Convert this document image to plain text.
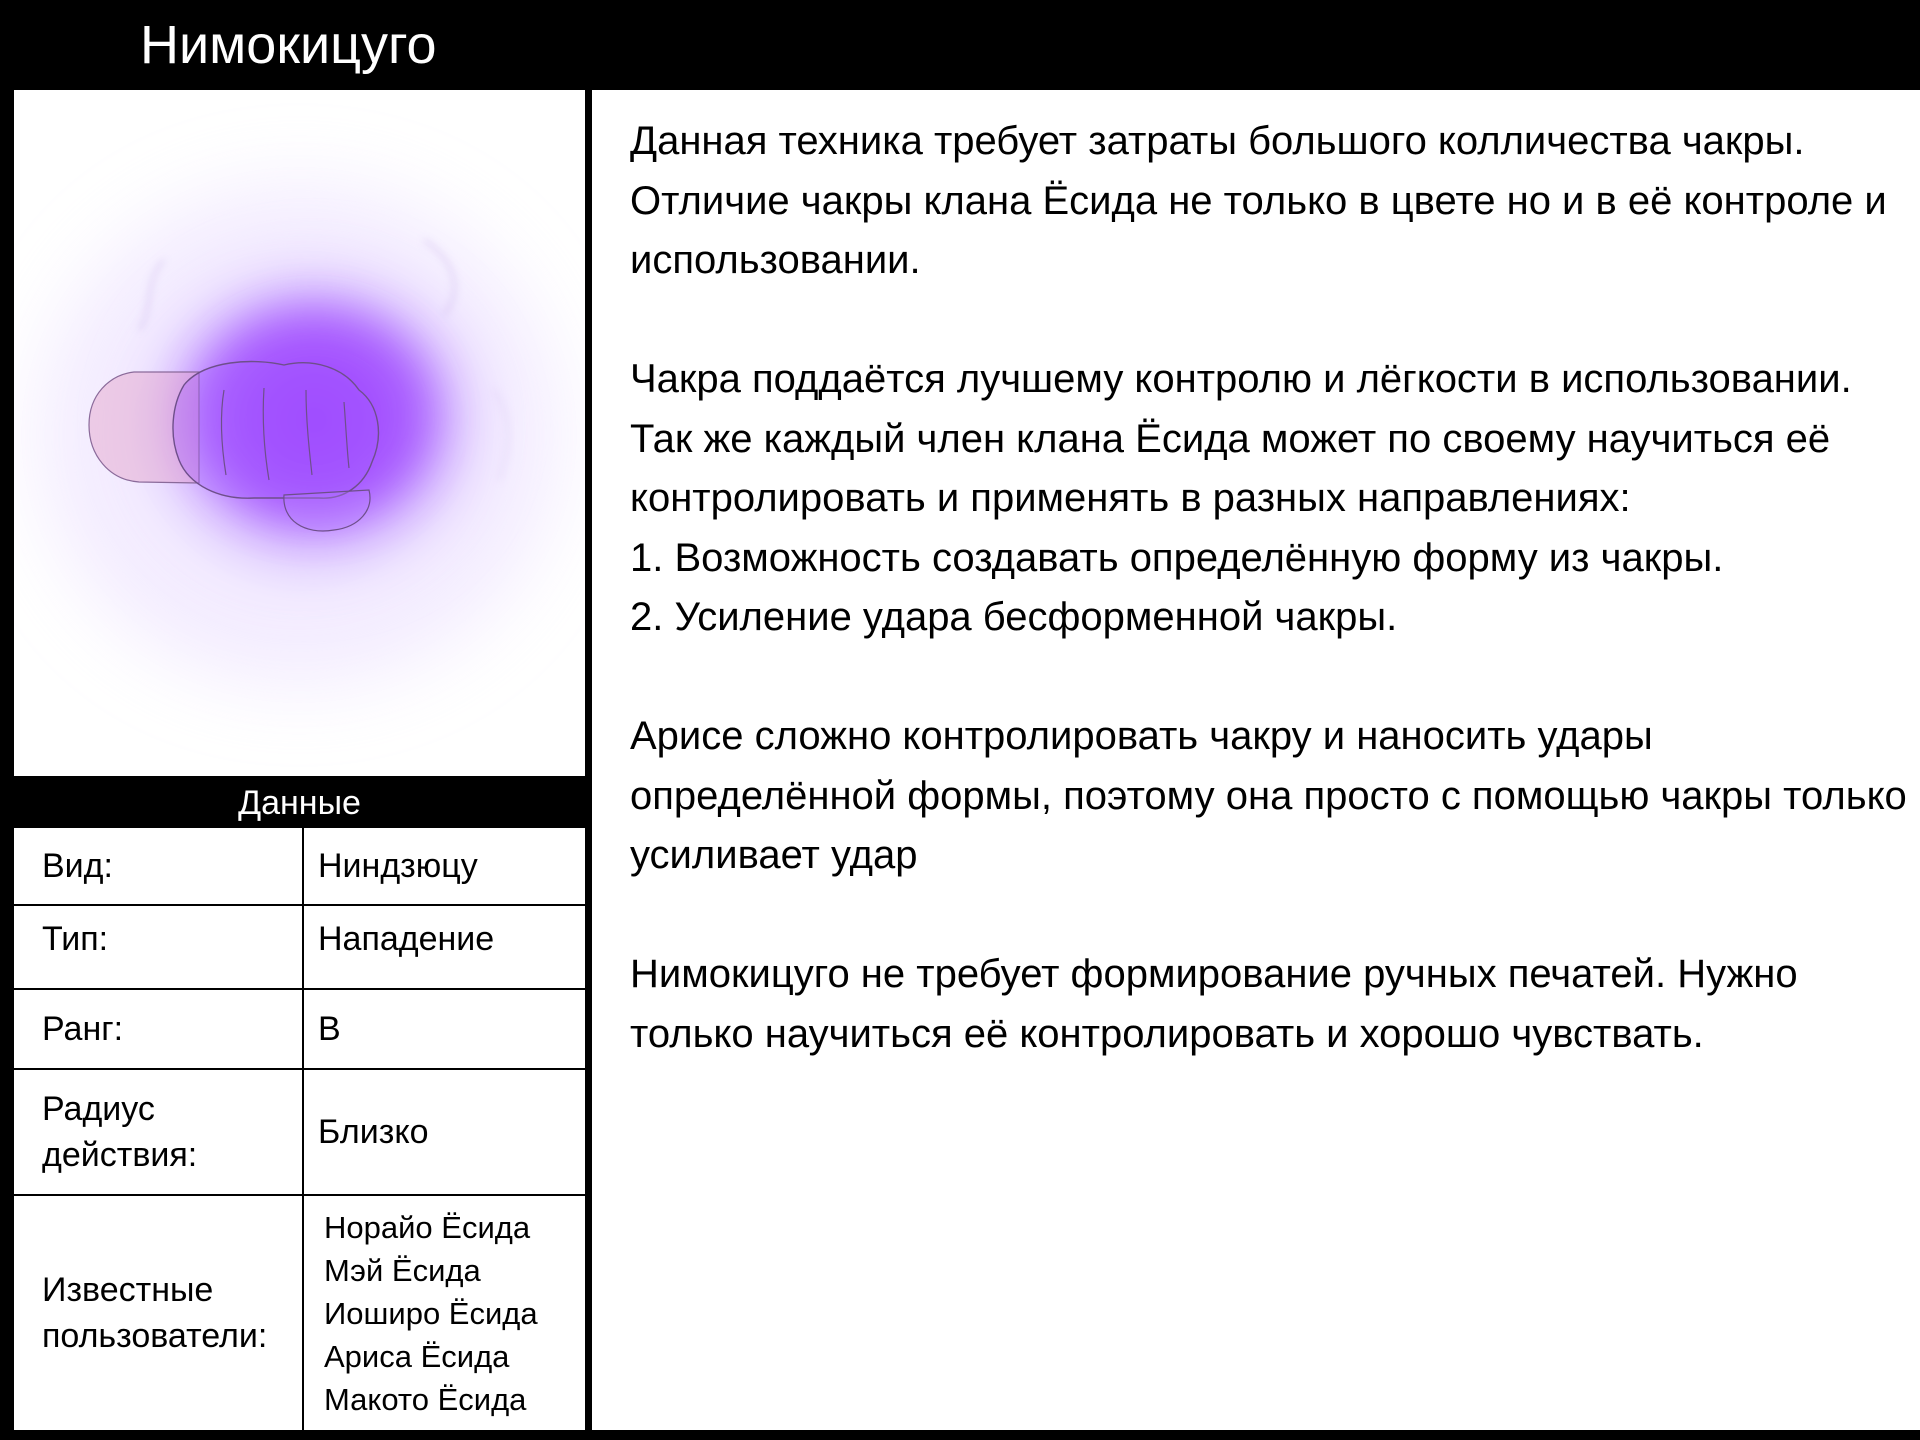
Нимокицуго
Данные
Вид:	Ниндзюцу
Тип:	Нападение
Ранг:	B
Радиус действия:
Близко
Известные пользователи:
Норайо Ёсида
Мэй Ёсида
Иоширо Ёсида
Ариса Ёсида
Макото Ёсида
Данная техника требует затраты большого колличества чакры. Отличие чакры клана Ёсида не только в цвете но и в её контроле и использовании.
Чакра поддаётся лучшему контролю и лёгкости в использовании. Так же каждый член клана Ёсида может по своему научиться её контролировать и применять в разных направлениях:
1. Возможность создавать определённую форму из чакры.
2. Усиление удара бесформенной чакры.
Арисе сложно контролировать чакру и наносить удары определённой формы, поэтому она просто с помощью чакры только усиливает удар
Нимокицуго не требует формирование ручных печатей. Нужно только научиться её контролировать и хорошо чувствать.
